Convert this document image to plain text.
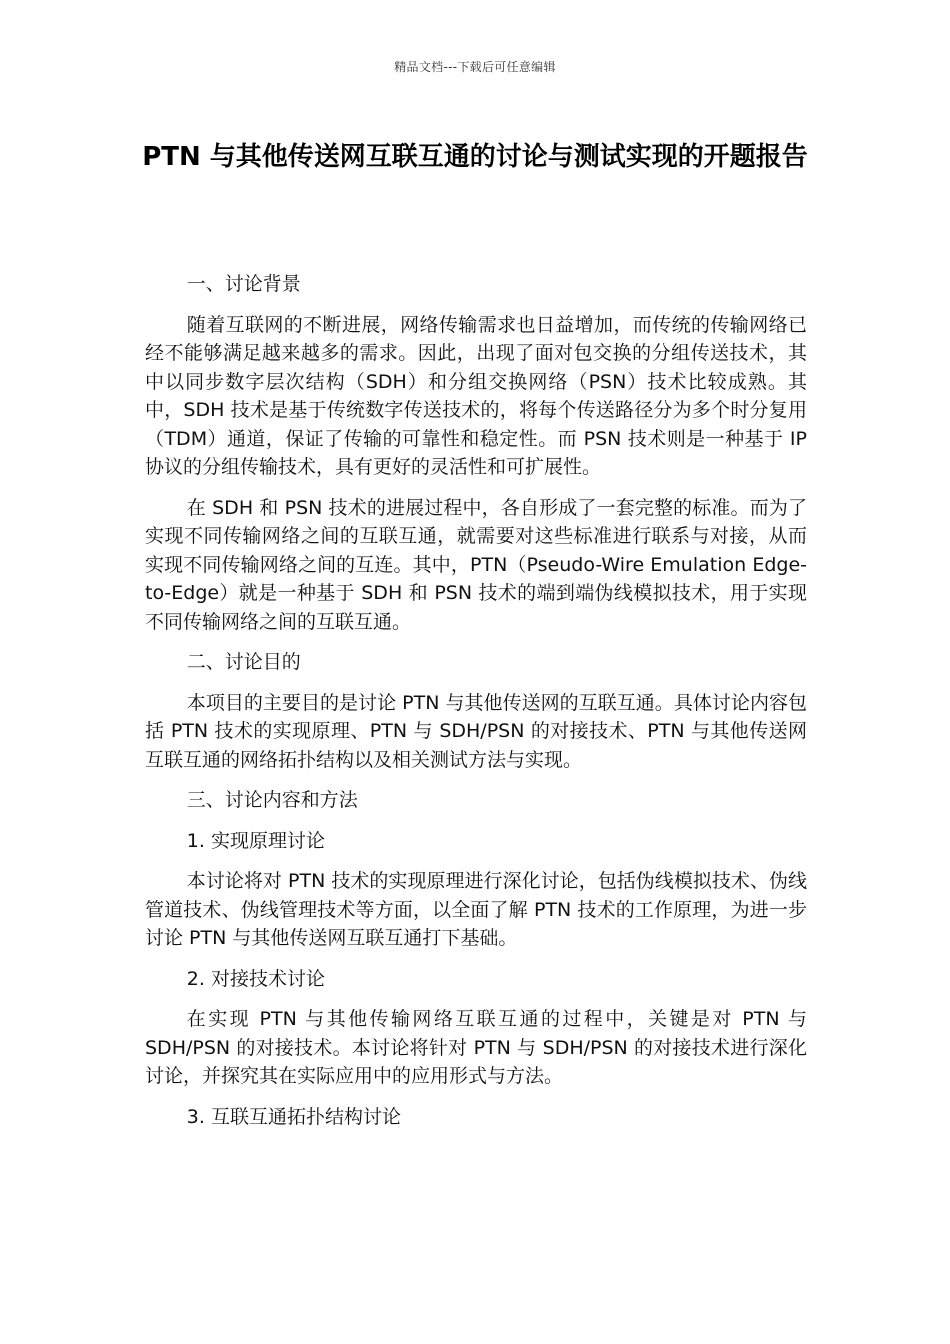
精品文档---下载后可任意编辑
PTN 与其他传送网互联互通的讨论与测试实现的开题报告

一、讨论背景

随着互联网的不断进展，网络传输需求也日益增加，而传统的传输网络已经不能够满足越来越多的需求。因此，出现了面对包交换的分组传送技术，其中以同步数字层次结构（SDH）和分组交换网络（PSN）技术比较成熟。其中，SDH 技术是基于传统数字传送技术的，将每个传送路径分为多个时分复用（TDM）通道，保证了传输的可靠性和稳定性。而 PSN 技术则是一种基于 IP 协议的分组传输技术，具有更好的灵活性和可扩展性。

在 SDH 和 PSN 技术的进展过程中，各自形成了一套完整的标准。而为了实现不同传输网络之间的互联互通，就需要对这些标准进行联系与对接，从而实现不同传输网络之间的互连。其中，PTN（Pseudo-Wire Emulation Edge-to-Edge）就是一种基于 SDH 和 PSN 技术的端到端伪线模拟技术，用于实现不同传输网络之间的互联互通。

二、讨论目的

本项目的主要目的是讨论 PTN 与其他传送网的互联互通。具体讨论内容包括 PTN 技术的实现原理、PTN 与 SDH/PSN 的对接技术、PTN 与其他传送网互联互通的网络拓扑结构以及相关测试方法与实现。

三、讨论内容和方法

1. 实现原理讨论

本讨论将对 PTN 技术的实现原理进行深化讨论，包括伪线模拟技术、伪线管道技术、伪线管理技术等方面，以全面了解 PTN 技术的工作原理，为进一步讨论 PTN 与其他传送网互联互通打下基础。

2. 对接技术讨论

在实现 PTN 与其他传输网络互联互通的过程中，关键是对 PTN 与 SDH/PSN 的对接技术。本讨论将针对 PTN 与 SDH/PSN 的对接技术进行深化讨论，并探究其在实际应用中的应用形式与方法。

3. 互联互通拓扑结构讨论
